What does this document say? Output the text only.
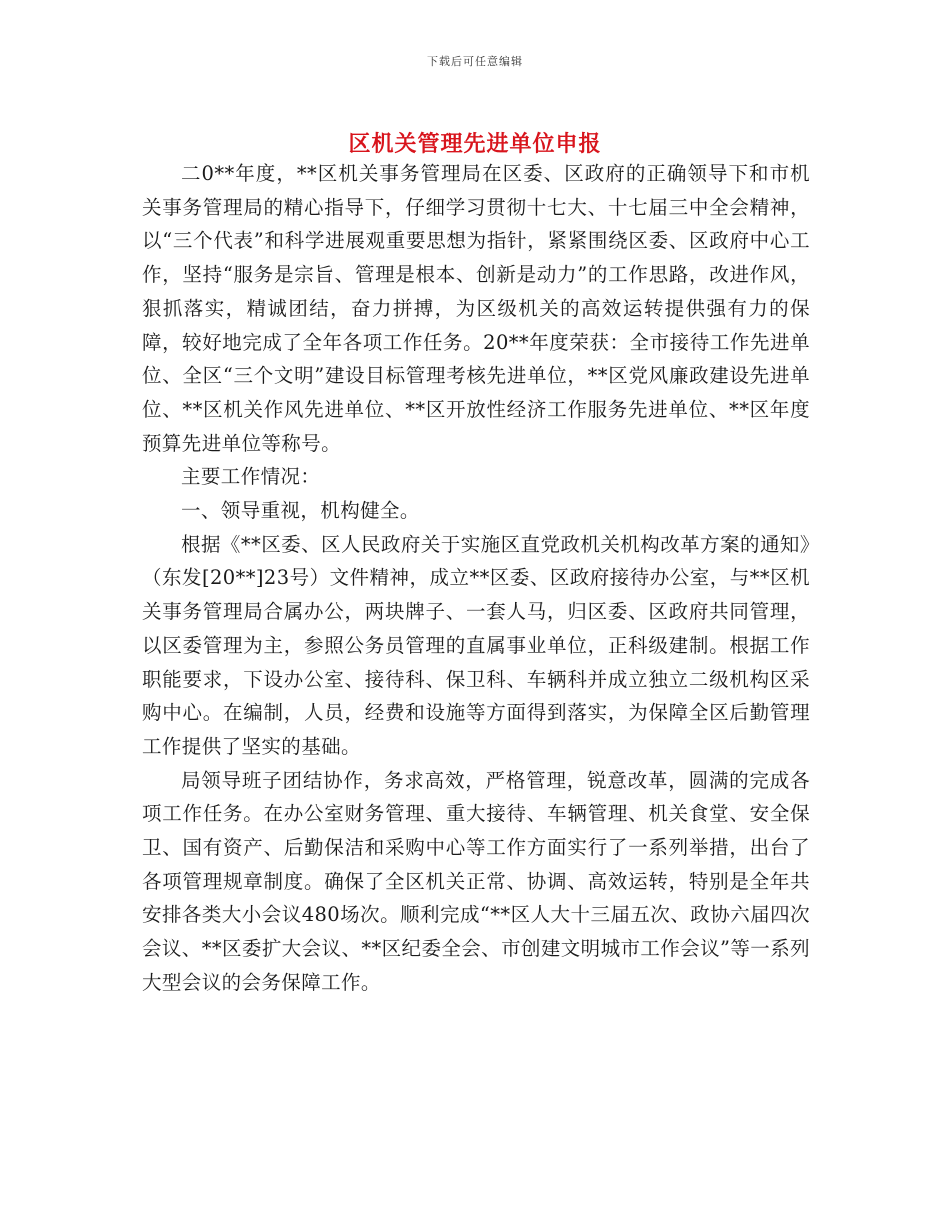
下载后可任意编辑
区机关管理先进单位申报

二0**年度，**区机关事务管理局在区委、区政府的正确领导下和市机关事务管理局的精心指导下，仔细学习贯彻十七大、十七届三中全会精神，以“三个代表”和科学进展观重要思想为指针，紧紧围绕区委、区政府中心工作，坚持“服务是宗旨、管理是根本、创新是动力”的工作思路，改进作风，狠抓落实，精诚团结，奋力拼搏，为区级机关的高效运转提供强有力的保障，较好地完成了全年各项工作任务。20**年度荣获：全市接待工作先进单位、全区“三个文明”建设目标管理考核先进单位，**区党风廉政建设先进单位、**区机关作风先进单位、**区开放性经济工作服务先进单位、**区年度预算先进单位等称号。

主要工作情况：

一、领导重视，机构健全。

根据《**区委、区人民政府关于实施区直党政机关机构改革方案的通知》（东发[20**]23号）文件精神，成立**区委、区政府接待办公室，与**区机关事务管理局合属办公，两块牌子、一套人马，归区委、区政府共同管理，以区委管理为主，参照公务员管理的直属事业单位，正科级建制。根据工作职能要求，下设办公室、接待科、保卫科、车辆科并成立独立二级机构区采购中心。在编制，人员，经费和设施等方面得到落实，为保障全区后勤管理工作提供了坚实的基础。

局领导班子团结协作，务求高效，严格管理，锐意改革，圆满的完成各项工作任务。在办公室财务管理、重大接待、车辆管理、机关食堂、安全保卫、国有资产、后勤保洁和采购中心等工作方面实行了一系列举措，出台了各项管理规章制度。确保了全区机关正常、协调、高效运转，特别是全年共安排各类大小会议480场次。顺利完成“**区人大十三届五次、政协六届四次会议、**区委扩大会议、**区纪委全会、市创建文明城市工作会议”等一系列大型会议的会务保障工作。
